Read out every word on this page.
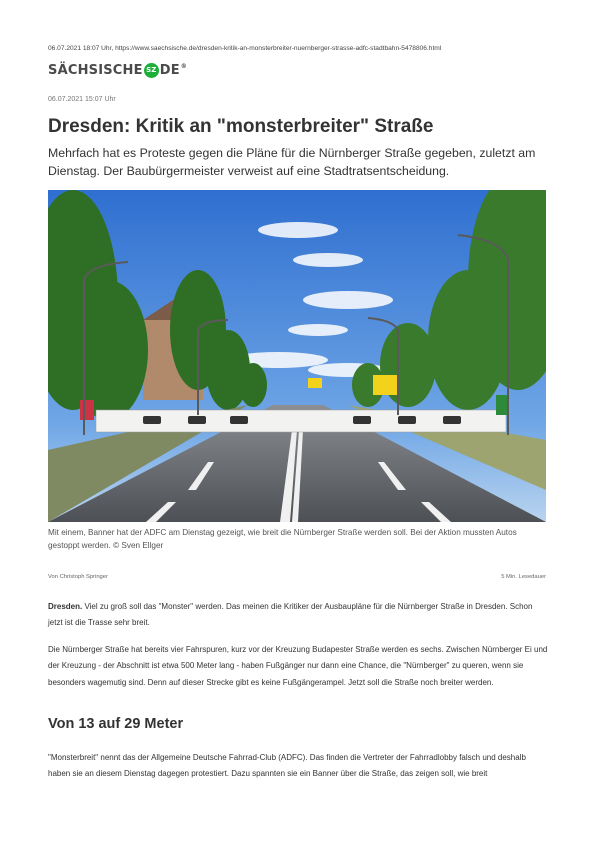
06.07.2021 18:07 Uhr, https://www.saechsische.de/dresden-kritik-an-monsterbreiter-nuernberger-strasse-adfc-stadtbahn-5478806.html
SÄCHSISCHE SZ DE ®
06.07.2021 15:07 Uhr
Dresden: Kritik an "monsterbreiter" Straße
Mehrfach hat es Proteste gegen die Pläne für die Nürnberger Straße gegeben, zuletzt am Dienstag. Der Baubürgermeister verweist auf eine Stadtratsentscheidung.
Mit einem, Banner hat der ADFC am Dienstag gezeigt, wie breit die Nürnberger Straße werden soll. Bei der Aktion mussten Autos gestoppt werden. © Sven Ellger
Von Christoph Springer	5 Min. Lesedauer
Dresden. Viel zu groß soll das "Monster" werden. Das meinen die Kritiker der Ausbaupläne für die Nürnberger Straße in Dresden. Schon jetzt ist die Trasse sehr breit.
Die Nürnberger Straße hat bereits vier Fahrspuren, kurz vor der Kreuzung Budapester Straße werden es sechs. Zwischen Nürnberger Ei und der Kreuzung - der Abschnitt ist etwa 500 Meter lang - haben Fußgänger nur dann eine Chance, die "Nürnberger" zu queren, wenn sie besonders wagemutig sind. Denn auf dieser Strecke gibt es keine Fußgängerampel. Jetzt soll die Straße noch breiter werden.
Von 13 auf 29 Meter
"Monsterbreit" nennt das der Allgemeine Deutsche Fahrrad-Club (ADFC). Das finden die Vertreter der Fahrradlobby falsch und deshalb haben sie an diesem Dienstag dagegen protestiert. Dazu spannten sie ein Banner über die Straße, das zeigen soll, wie breit
